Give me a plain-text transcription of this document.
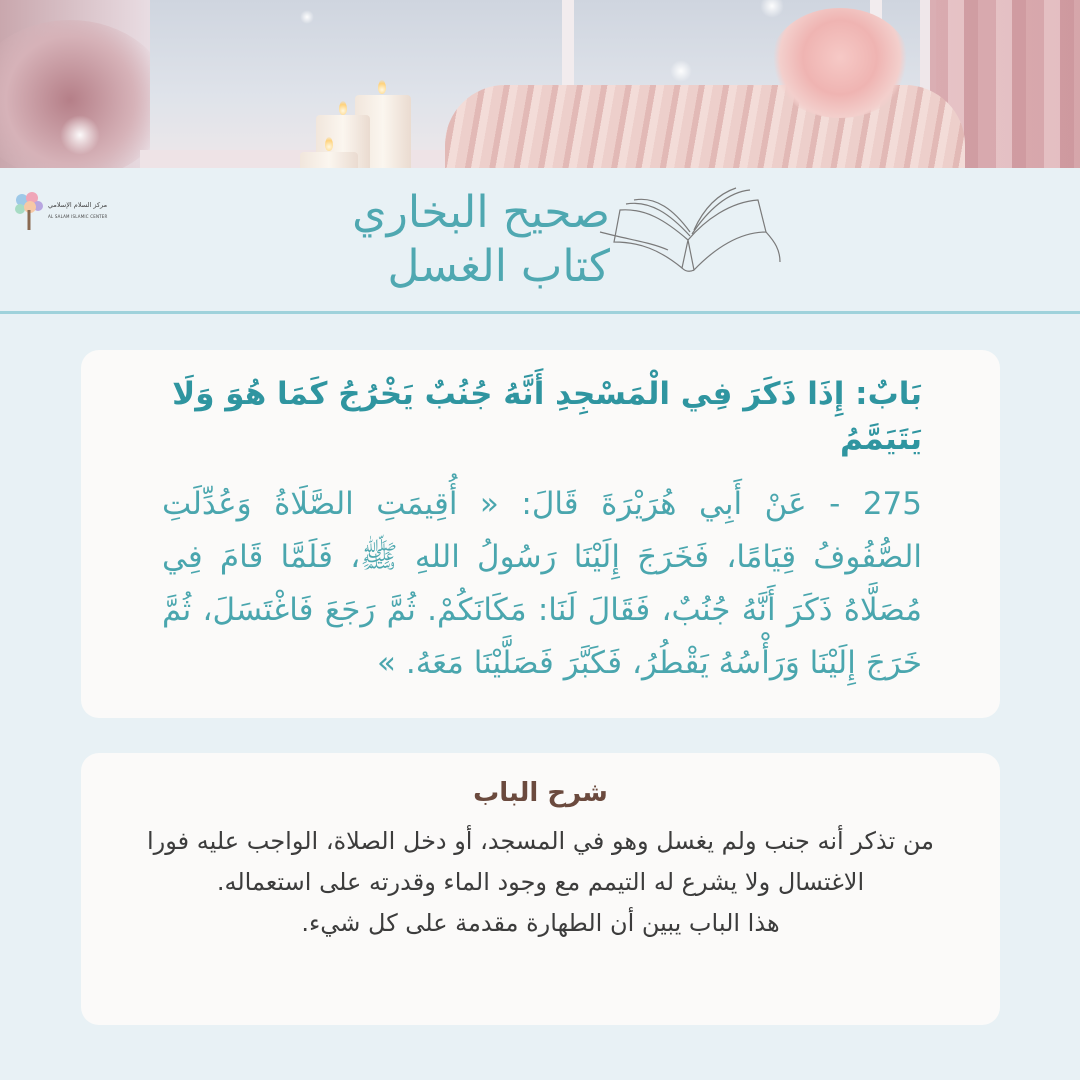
مركز السلام الإسلامي
AL SALAM ISLAMIC CENTER	صحيح البخاري
كتاب الغسل
بَابٌ: إِذَا ذَكَرَ فِي الْمَسْجِدِ أَنَّهُ جُنُبٌ يَخْرُجُ كَمَا هُوَ وَلَا يَتَيَمَّمُ
275 - عَنْ أَبِي هُرَيْرَةَ قَالَ: « أُقِيمَتِ الصَّلَاةُ وَعُدِّلَتِ الصُّفُوفُ قِيَامًا، فَخَرَجَ إِلَيْنَا رَسُولُ اللهِ ﷺ، فَلَمَّا قَامَ فِي مُصَلَّاهُ ذَكَرَ أَنَّهُ جُنُبٌ، فَقَالَ لَنَا: مَكَانَكُمْ. ثُمَّ رَجَعَ فَاغْتَسَلَ، ثُمَّ خَرَجَ إِلَيْنَا وَرَأْسُهُ يَقْطُرُ، فَكَبَّرَ فَصَلَّيْنَا مَعَهُ. »
شرح الباب

من تذكر أنه جنب ولم يغسل وهو في المسجد، أو دخل الصلاة، الواجب عليه فورا الاغتسال ولا يشرع له التيمم مع وجود الماء وقدرته على استعماله.

هذا الباب يبين أن الطهارة مقدمة على كل شيء.
